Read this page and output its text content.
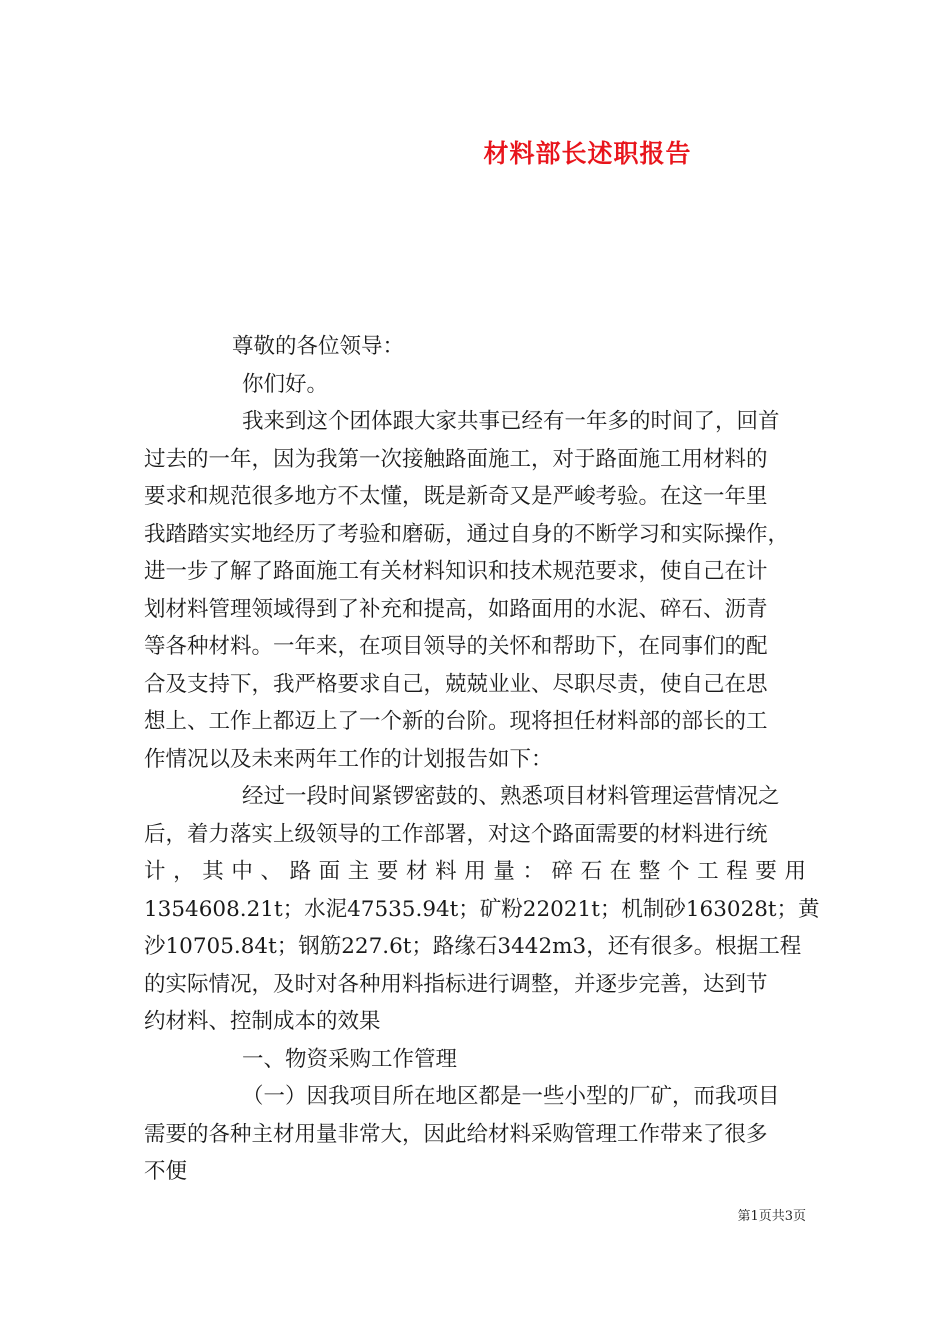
材料部长述职报告
尊敬的各位领导：
你们好。
我来到这个团体跟大家共事已经有一年多的时间了，回首
过去的一年，因为我第一次接触路面施工，对于路面施工用材料的
要求和规范很多地方不太懂，既是新奇又是严峻考验。在这一年里
我踏踏实实地经历了考验和磨砺，通过自身的不断学习和实际操作，
进一步了解了路面施工有关材料知识和技术规范要求，使自己在计
划材料管理领域得到了补充和提高，如路面用的水泥、碎石、沥青
等各种材料。一年来，在项目领导的关怀和帮助下，在同事们的配
合及支持下，我严格要求自己，兢兢业业、尽职尽责，使自己在思
想上、工作上都迈上了一个新的台阶。现将担任材料部的部长的工
作情况以及未来两年工作的计划报告如下：
经过一段时间紧锣密鼓的、熟悉项目材料管理运营情况之
后，着力落实上级领导的工作部署，对这个路面需要的材料进行统
计，其中、路面主要材料用量：碎石在整个工程要用
1354608.21t；水泥47535.94t；矿粉22021t；机制砂163028t；黄
沙10705.84t；钢筋227.6t；路缘石3442m3，还有很多。根据工程
的实际情况，及时对各种用料指标进行调整，并逐步完善，达到节
约材料、控制成本的效果
一、物资采购工作管理
（一）因我项目所在地区都是一些小型的厂矿，而我项目
需要的各种主材用量非常大，因此给材料采购管理工作带来了很多
不便
第1页共3页
